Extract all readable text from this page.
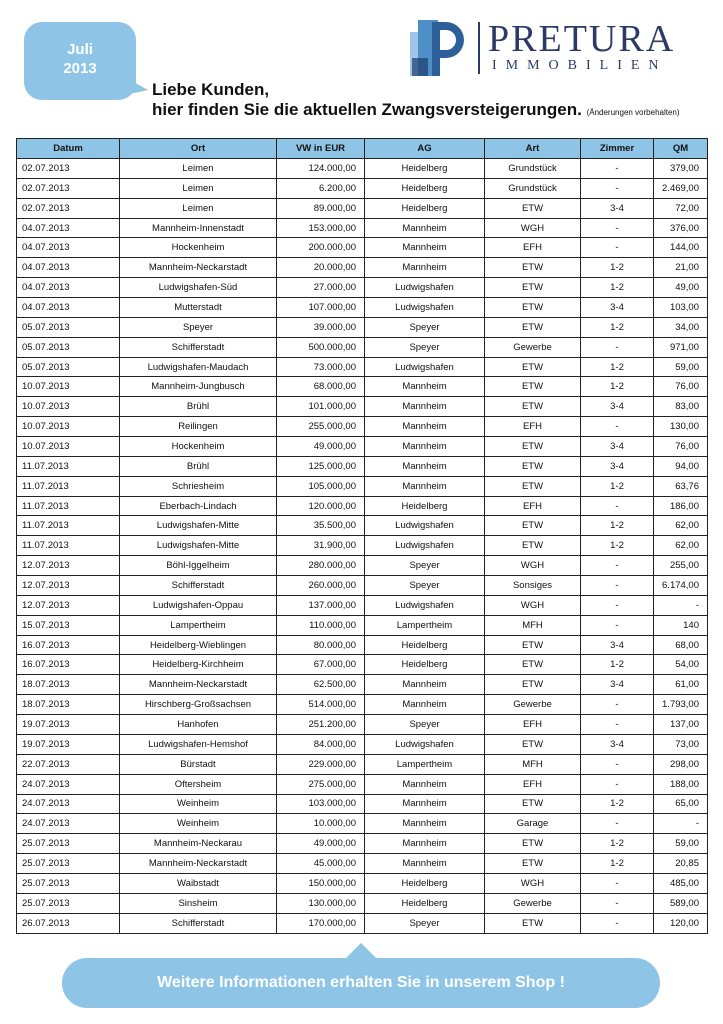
Juli
2013
PRETURA
IMMOBILIEN
Liebe Kunden,
hier finden Sie die aktuellen Zwangsversteigerungen. (Änderungen vorbehalten)
Datum	Ort	VW in EUR	AG	Art	Zimmer	QM
02.07.2013	Leimen	124.000,00	Heidelberg	Grundstück	-	379,00
02.07.2013	Leimen	6.200,00	Heidelberg	Grundstück	-	2.469,00
02.07.2013	Leimen	89.000,00	Heidelberg	ETW	3-4	72,00
04.07.2013	Mannheim-Innenstadt	153.000,00	Mannheim	WGH	-	376,00
04.07.2013	Hockenheim	200.000,00	Mannheim	EFH	-	144,00
04.07.2013	Mannheim-Neckarstadt	20.000,00	Mannheim	ETW	1-2	21,00
04.07.2013	Ludwigshafen-Süd	27.000,00	Ludwigshafen	ETW	1-2	49,00
04.07.2013	Mutterstadt	107.000,00	Ludwigshafen	ETW	3-4	103,00
05.07.2013	Speyer	39.000,00	Speyer	ETW	1-2	34,00
05.07.2013	Schifferstadt	500.000,00	Speyer	Gewerbe	-	971,00
05.07.2013	Ludwigshafen-Maudach	73.000,00	Ludwigshafen	ETW	1-2	59,00
10.07.2013	Mannheim-Jungbusch	68.000,00	Mannheim	ETW	1-2	76,00
10.07.2013	Brühl	101.000,00	Mannheim	ETW	3-4	83,00
10.07.2013	Reilingen	255.000,00	Mannheim	EFH	-	130,00
10.07.2013	Hockenheim	49.000,00	Mannheim	ETW	3-4	76,00
11.07.2013	Brühl	125.000,00	Mannheim	ETW	3-4	94,00
11.07.2013	Schriesheim	105.000,00	Mannheim	ETW	1-2	63,76
11.07.2013	Eberbach-Lindach	120.000,00	Heidelberg	EFH	-	186,00
11.07.2013	Ludwigshafen-Mitte	35.500,00	Ludwigshafen	ETW	1-2	62,00
11.07.2013	Ludwigshafen-Mitte	31.900,00	Ludwigshafen	ETW	1-2	62,00
12.07.2013	Böhl-Iggelheim	280.000,00	Speyer	WGH	-	255,00
12.07.2013	Schifferstadt	260.000,00	Speyer	Sonsiges	-	6.174,00
12.07.2013	Ludwigshafen-Oppau	137.000,00	Ludwigshafen	WGH	-	-
15.07.2013	Lampertheim	110.000,00	Lampertheim	MFH	-	140
16.07.2013	Heidelberg-Wieblingen	80.000,00	Heidelberg	ETW	3-4	68,00
16.07.2013	Heidelberg-Kirchheim	67.000,00	Heidelberg	ETW	1-2	54,00
18.07.2013	Mannheim-Neckarstadt	62.500,00	Mannheim	ETW	3-4	61,00
18.07.2013	Hirschberg-Großsachsen	514.000,00	Mannheim	Gewerbe	-	1.793,00
19.07.2013	Hanhofen	251.200,00	Speyer	EFH	-	137,00
19.07.2013	Ludwigshafen-Hemshof	84.000,00	Ludwigshafen	ETW	3-4	73,00
22.07.2013	Bürstadt	229.000,00	Lampertheim	MFH	-	298,00
24.07.2013	Oftersheim	275.000,00	Mannheim	EFH	-	188,00
24.07.2013	Weinheim	103.000,00	Mannheim	ETW	1-2	65,00
24.07.2013	Weinheim	10.000,00	Mannheim	Garage	-	-
25.07.2013	Mannheim-Neckarau	49.000,00	Mannheim	ETW	1-2	59,00
25.07.2013	Mannheim-Neckarstadt	45.000,00	Mannheim	ETW	1-2	20,85
25.07.2013	Waibstadt	150.000,00	Heidelberg	WGH	-	485,00
25.07.2013	Sinsheim	130.000,00	Heidelberg	Gewerbe	-	589,00
26.07.2013	Schifferstadt	170.000,00	Speyer	ETW	-	120,00
Weitere Informationen erhalten Sie in unserem Shop !
